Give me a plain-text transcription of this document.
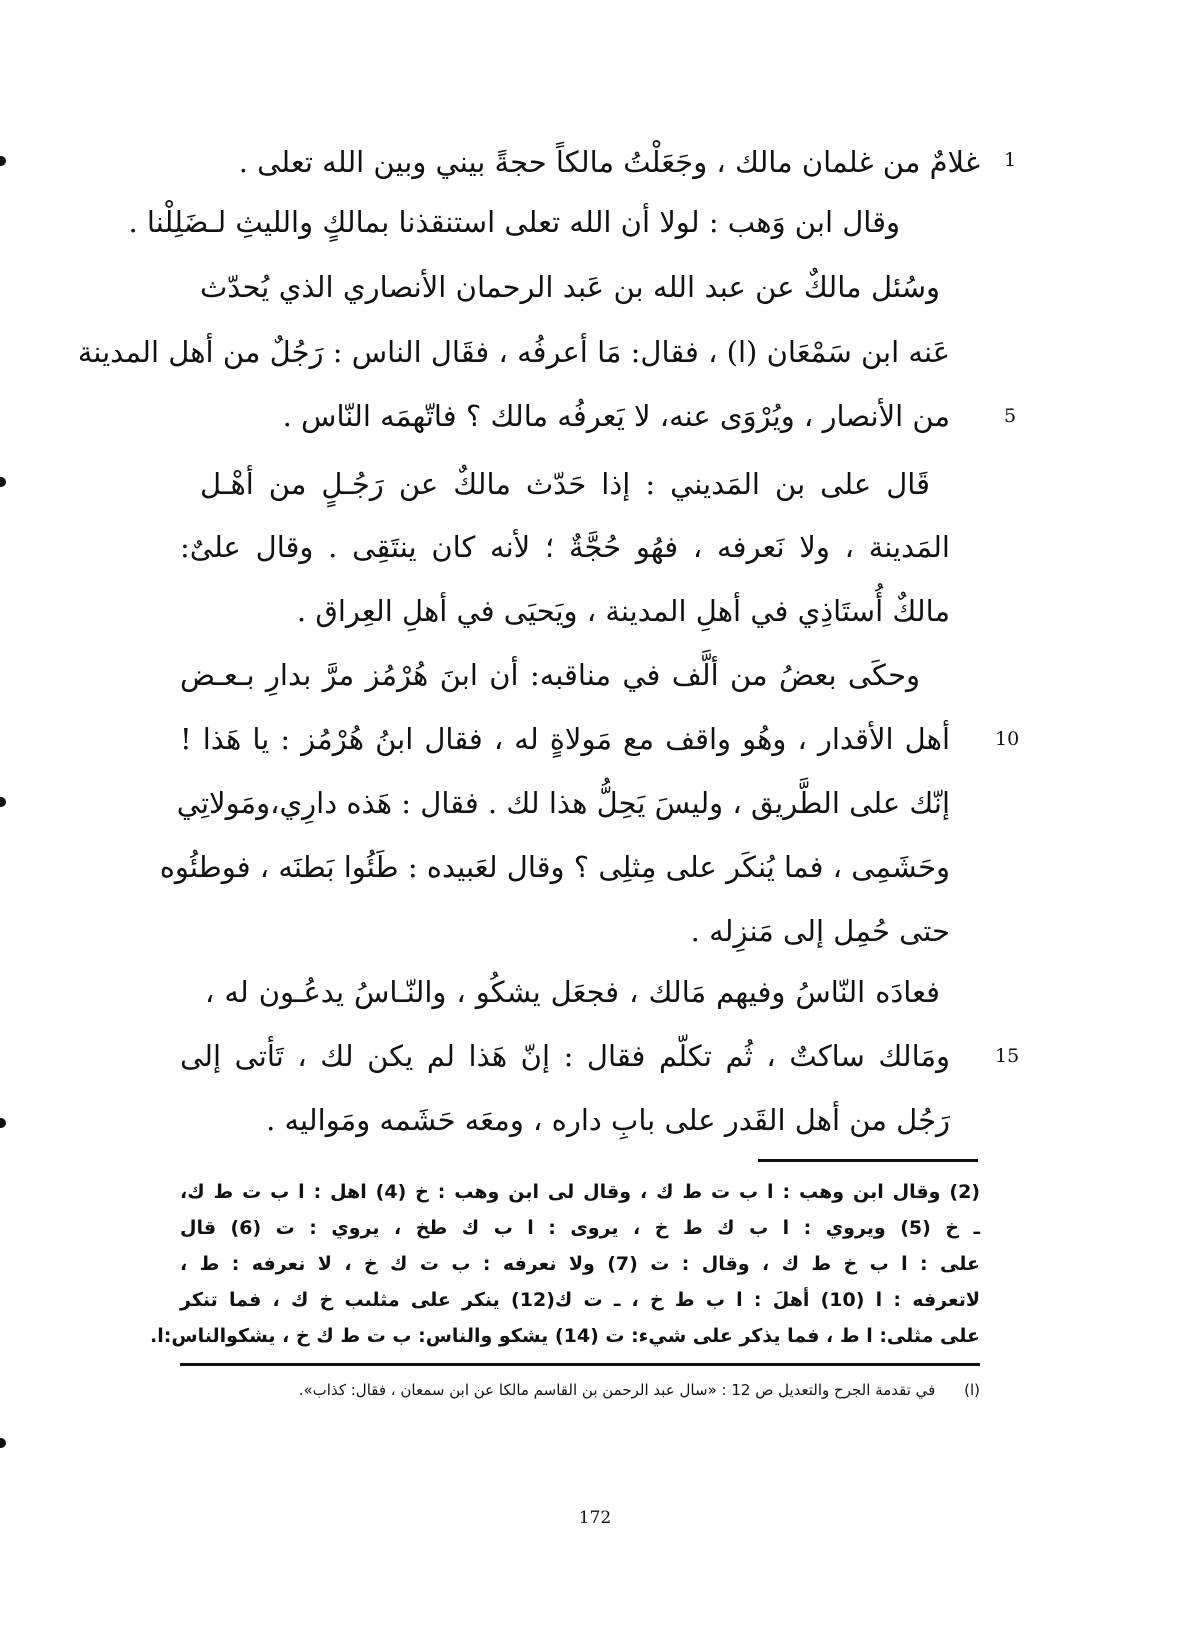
غلامٌ من غلمان مالك ، وجَعَلْتُ مالكاً حجةً بيني وبين الله تعلى .
وقال ابن وَهب : لولا أن الله تعلى استنقذنا بمالكٍ والليثِ لـضَلِلْنا .
وسُئل مالكٌ عن عبد الله بن عَبد الرحمان الأنصاري الذي يُحدّث
عَنه ابن سَمْعَان (ا) ، فقال: مَا أعرفُه ، فقَال الناس : رَجُلٌ من أهل المدينة
من الأنصار ، ويُرْوَى عنه، لا يَعرفُه مالك ؟ فاتّهمَه النّاس .
قَال على بن المَديني : إذا حَدّث مالكٌ عن رَجُـلٍ من أهْـل
المَدينة ، ولا نَعرفه ، فهُو حُجَّةٌ ؛ لأنه كان ينتَقِى . وقال علىٌ:
مالكٌ أُستَاذِي في أهلِ المدينة ، ويَحيَى في أهلِ العِراق .
وحكَى بعضُ من ألَّف في مناقبه: أن ابنَ هُرْمُز مرَّ بدارِ بـعـض
أهل الأقدار ، وهُو واقف مع مَولاةٍ له ، فقال ابنُ هُرْمُز : يا هَذا !
إنّك على الطَّريق ، وليسَ يَحِلُّ هذا لك . فقال : هَذه دارِي،ومَولاتِي
وحَشَمِى ، فما يُنكَر على مِثلِى ؟ وقال لعَبيده : طَئُوا بَطنَه ، فوطئُوه
حتى حُمِل إلى مَنزِله .
فعادَه النّاسُ وفيهم مَالك ، فجعَل يشكُو ، والنّـاسُ يدعُـون له ،
ومَالك ساكتٌ ، ثُم تكلّم فقال : إنّ هَذا لم يكن لك ، تَأتى إلى
رَجُل من أهل القَدر على بابِ داره ، ومعَه حَشَمه ومَواليه .
1
5
10
15
(2) وقال ابن وهب : ا ب ت ط ك ، وقال لى ابن وهب : خ (4) اهل : ا ب ت ط ك،
ـ خ (5) ويروي : ا ب ك ط خ ، يروى : ا ب ك طخ ، يروي : ت (6) قال
على : ا ب خ ط ك ، وقال : ت (7) ولا نعرفه : ب ت ك خ ، لا نعرفه : ط ،
لاتعرفه : ا (10) أهلَ : ا ب ط خ ، ـ ت ك(12) ينكر على مثلىب خ ك ، فما تنكر
على مثلى: ا ط ، فما يذكر على شيء: ت (14) يشكو والناس: ب ت ط ك خ ، يشكوالناس:ا.
(ا) في تقدمة الجرح والتعديل ص 12 : «سال عبد الرحمن بن القاسم مالكا عن ابن سمعان ، فقال: كذاب».
172
